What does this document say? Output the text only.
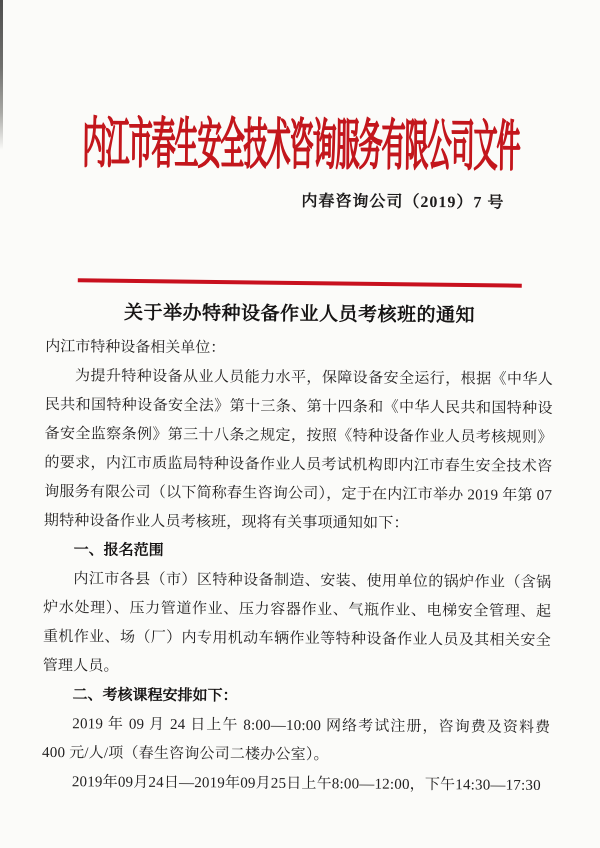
内江市春生安全技术咨询服务有限公司文件
内春咨询公司（2019）7 号
关于举办特种设备作业人员考核班的通知
内江市特种设备相关单位：
为提升特种设备从业人员能力水平，保障设备安全运行，根据《中华人民共和国特种设备安全法》第十三条、第十四条和《中华人民共和国特种设备安全监察条例》第三十八条之规定，按照《特种设备作业人员考核规则》的要求，内江市质监局特种设备作业人员考试机构即内江市春生安全技术咨询服务有限公司（以下简称春生咨询公司），定于在内江市举办 2019 年第 07 期特种设备作业人员考核班，现将有关事项通知如下：
一、报名范围
内江市各县（市）区特种设备制造、安装、使用单位的锅炉作业（含锅炉水处理）、压力管道作业、压力容器作业、气瓶作业、电梯安全管理、起重机作业、场（厂）内专用机动车辆作业等特种设备作业人员及其相关安全管理人员。
二、考核课程安排如下：
2019 年 09 月 24 日上午 8:00—10:00 网络考试注册，咨询费及资料费 400 元/人/项（春生咨询公司二楼办公室）。
2019年09月24日—2019年09月25日上午8:00—12:00，下午14:30—17:30
